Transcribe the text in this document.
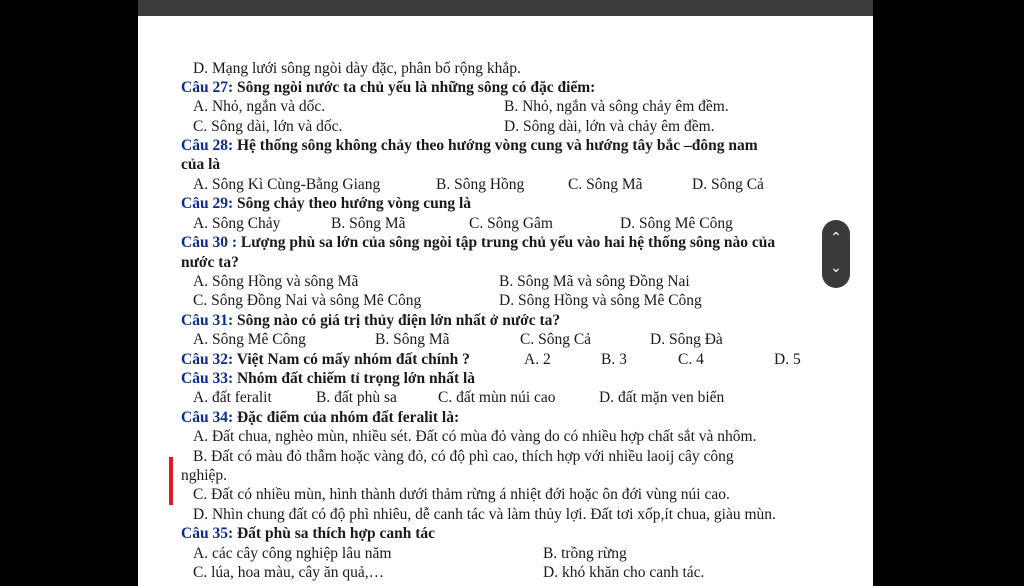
D. Mạng lưới sông ngòi dày đặc, phân bố rộng khắp.
Câu 27: Sông ngòi nước ta chủ yếu là những sông có đặc điểm:
A. Nhỏ, ngắn và dốc.	B. Nhỏ, ngắn và sông chảy êm đềm.
C. Sông dài, lớn và dốc.	D. Sông dài, lớn và chảy êm đềm.
Câu 28: Hệ thống sông không chảy theo hướng vòng cung và hướng tây bắc –đông nam
của là
A. Sông Kì Cùng-Bằng Giang	B. Sông Hồng	C. Sông Mã	D. Sông Cả
Câu 29: Sông chảy theo hướng vòng cung là
A. Sông Chảy	B. Sông Mã	C. Sông Gâm	D. Sông Mê Công
Câu 30 : Lượng phù sa lớn của sông ngòi tập trung chủ yếu vào hai hệ thống sông nào của
nước ta?
A. Sông Hồng và sông Mã	B. Sông Mã và sông Đồng Nai
C. Sông Đồng Nai và sông Mê Công	D. Sông Hồng và sông Mê Công
Câu 31: Sông nào có giá trị thủy điện lớn nhất ở nước ta?
A. Sông Mê Công	B. Sông Mã	C. Sông Cả	D. Sông Đà
Câu 32: Việt Nam có mấy nhóm đất chính ?	A. 2	B. 3	C. 4	D. 5
Câu 33: Nhóm đất chiếm tỉ trọng lớn nhất là
A. đất feralit	B. đất phù sa	C. đất mùn núi cao	D. đất mặn ven biển
Câu 34: Đặc điểm của nhóm đất feralit là:
A. Đất chua, nghèo mùn, nhiều sét. Đất có mùa đỏ vàng do có nhiều hợp chất sắt và nhôm.
B. Đất có màu đỏ thẫm hoặc vàng đỏ, có độ phì cao, thích hợp với nhiều laoij cây công
nghiệp.
C. Đất có nhiều mùn, hình thành dưới thảm rừng á nhiệt đới hoặc ôn đới vùng núi cao.
D. Nhìn chung đất có độ phì nhiêu, dễ canh tác và làm thủy lợi. Đất tơi xốp,ít chua, giàu mùn.
Câu 35: Đất phù sa thích hợp canh tác
A. các cây công nghiệp lâu năm	B. trồng rừng
C. lúa, hoa màu, cây ăn quả,…	D. khó khăn cho canh tác.
⌃
⌄
